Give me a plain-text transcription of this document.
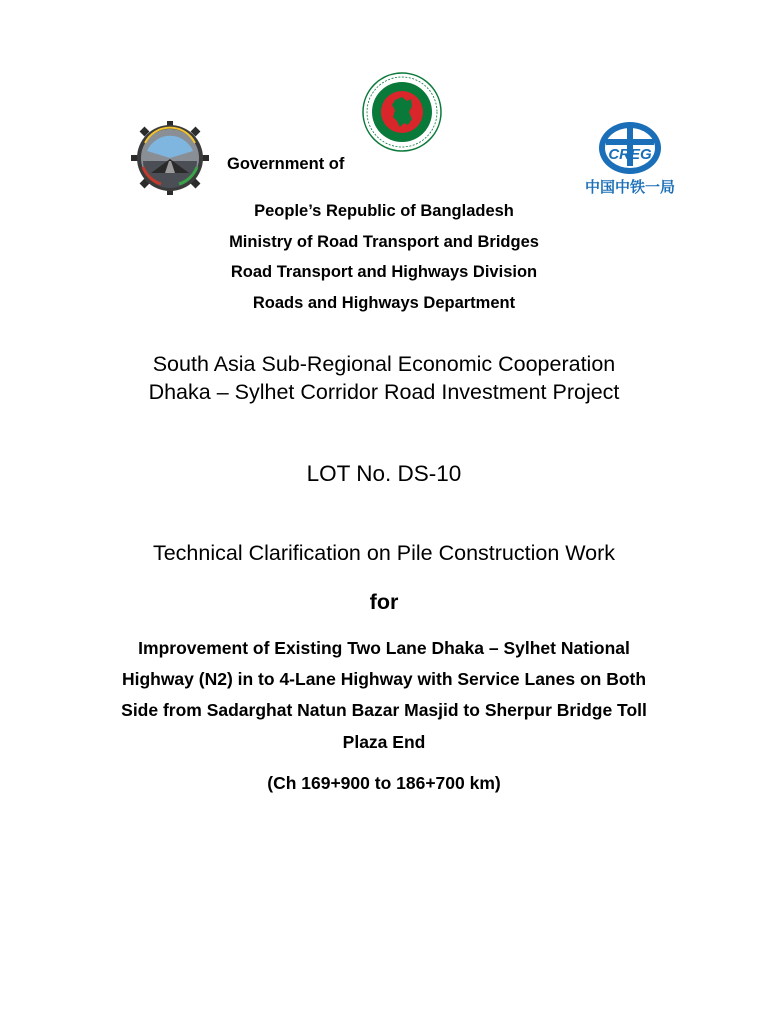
CREG
中国中铁一局
Government of
People’s Republic of Bangladesh
Ministry of Road Transport and Bridges
Road Transport and Highways Division
Roads and Highways Department
South Asia Sub-Regional Economic Cooperation
Dhaka – Sylhet Corridor Road Investment Project
LOT No. DS-10
Technical Clarification on Pile Construction Work
for
Improvement of Existing Two Lane Dhaka – Sylhet National
Highway (N2) in to 4-Lane Highway with Service Lanes on Both
Side from Sadarghat Natun Bazar Masjid to Sherpur Bridge Toll
Plaza End
(Ch 169+900 to 186+700 km)
